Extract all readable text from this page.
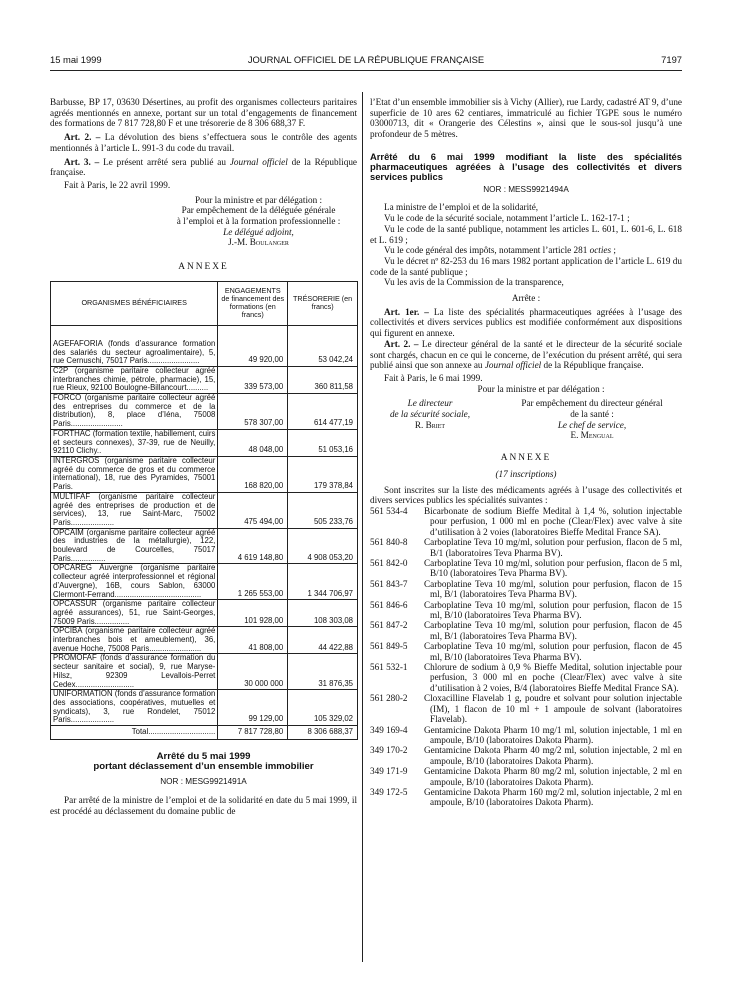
15 mai 1999	JOURNAL OFFICIEL DE LA RÉPUBLIQUE FRANÇAISE	7197

Barbusse, BP 17, 03630 Désertines, au profit des organismes collecteurs paritaires agréés mentionnés en annexe, portant sur un total d’engagements de financement des formations de 7 817 728,80 F et une trésorerie de 8 306 688,37 F.

Art. 2. – La dévolution des biens s’effectuera sous le contrôle des agents mentionnés à l’article L. 991-3 du code du travail.

Art. 3. – Le présent arrêté sera publié au Journal officiel de la République française.

Fait à Paris, le 22 avril 1999.

Pour la ministre et par délégation :
Par empêchement de la déléguée générale
à l’emploi et à la formation professionnelle :
Le délégué adjoint,
J.-M. Boulanger

ANNEXE

ORGANISMES BÉNÉFICIAIRES	ENGAGEMENTS de financement des formations (en francs)	TRÉSORERIE (en francs)
AGEFAFORIA (fonds d’assurance formation des salariés du secteur agroalimentaire), 5, rue Cernuschi, 75017 Paris........................	49 920,00	53 042,24
C2P (organisme paritaire collecteur agréé interbranches chimie, pétrole, pharmacie), 15, rue Rieux, 92100 Boulogne-Billancourt..........	339 573,00	360 811,58
FORCO (organisme paritaire collecteur agréé des entreprises du commerce et de la distribution), 8, place d’Iéna, 75008 Paris........................	578 307,00	614 477,19
FORTHAC (formation textile, habillement, cuirs et secteurs connexes), 37-39, rue de Neuilly, 92110 Clichy..	48 048,00	51 053,16
INTERGROS (organisme paritaire collecteur agréé du commerce de gros et du commerce international), 18, rue des Pyramides, 75001 Paris.	168 820,00	179 378,84
MULTIFAF (organisme paritaire collecteur agréé des entreprises de production et de services), 13, rue Saint-Marc, 75002 Paris....................	475 494,00	505 233,76
OPCAIM (organisme paritaire collecteur agréé des industries de la métallurgie), 122, boulevard de Courcelles, 75017 Paris................	4 619 148,80	4 908 053,20
OPCAREG Auvergne (organisme paritaire collecteur agréé interprofessionnel et régional d’Auvergne), 16B, cours Sablon, 63000 Clermont-Ferrand........................................	1 265 553,00	1 344 706,97
OPCASSUR (organisme paritaire collecteur agréé assurances), 51, rue Saint-Georges, 75009 Paris................	101 928,00	108 303,08
OPCIBA (organisme paritaire collecteur agréé interbranches bois et ameublement), 36, avenue Hoche, 75008 Paris........................	41 808,00	44 422,88
PROMOFAF (fonds d’assurance formation du secteur sanitaire et social), 9, rue Maryse-Hilsz, 92309 Levallois-Perret Cedex...........................	30 000 000	31 876,35
UNIFORMATION (fonds d’assurance formation des associations, coopératives, mutuelles et syndicats), 3, rue Rondelet, 75012 Paris....................	99 129,00	105 329,02
Total...............................	7 817 728,80	8 306 688,37
Arrêté du 5 mai 1999
portant déclassement d’un ensemble immobilier
NOR : MESG9921491A

Par arrêté de la ministre de l’emploi et de la solidarité en date du 5 mai 1999, il est procédé au déclassement du domaine public de

l’Etat d’un ensemble immobilier sis à Vichy (Allier), rue Lardy, cadastré AT 9, d’une superficie de 10 ares 62 centiares, immatriculé au fichier TGPE sous le numéro 03000713, dit « Orangerie des Célestins », ainsi que le sous-sol jusqu’à une profondeur de 5 mètres.

Arrêté du 6 mai 1999 modifiant la liste des spécialités pharmaceutiques agréées à l’usage des collectivités et divers services publics
NOR : MESS9921494A

La ministre de l’emploi et de la solidarité,

Vu le code de la sécurité sociale, notamment l’article L. 162-17-1 ;

Vu le code de la santé publique, notamment les articles L. 601, L. 601-6, L. 618 et L. 619 ;

Vu le code général des impôts, notamment l’article 281 octies ;

Vu le décret nº 82-253 du 16 mars 1982 portant application de l’article L. 619 du code de la santé publique ;

Vu les avis de la Commission de la transparence,

Arrête :

Art. 1er. – La liste des spécialités pharmaceutiques agréées à l’usage des collectivités et divers services publics est modifiée conformément aux dispositions qui figurent en annexe.

Art. 2. – Le directeur général de la santé et le directeur de la sécurité sociale sont chargés, chacun en ce qui le concerne, de l’exécution du présent arrêté, qui sera publié ainsi que son annexe au Journal officiel de la République française.

Fait à Paris, le 6 mai 1999.

Pour la ministre et par délégation :

Le directeur
de la sécurité sociale,
R. Briet
Par empêchement du directeur général
de la santé :
Le chef de service,
E. Mengual

ANNEXE

(17 inscriptions)

Sont inscrites sur la liste des médicaments agréés à l’usage des collectivités et divers services publics les spécialités suivantes :

561 534-4	Bicarbonate de sodium Bieffe Medital à 1,4 %, solution injectable pour perfusion, 1 000 ml en poche (Clear/Flex) avec valve à site d’utilisation à 2 voies (laboratoires Bieffe Medital France SA).
561 840-8	Carboplatine Teva 10 mg/ml, solution pour perfusion, flacon de 5 ml, B/1 (laboratoires Teva Pharma BV).
561 842-0	Carboplatine Teva 10 mg/ml, solution pour perfusion, flacon de 5 ml, B/10 (laboratoires Teva Pharma BV).
561 843-7	Carboplatine Teva 10 mg/ml, solution pour perfusion, flacon de 15 ml, B/1 (laboratoires Teva Pharma BV).
561 846-6	Carboplatine Teva 10 mg/ml, solution pour perfusion, flacon de 15 ml, B/10 (laboratoires Teva Pharma BV).
561 847-2	Carboplatine Teva 10 mg/ml, solution pour perfusion, flacon de 45 ml, B/1 (laboratoires Teva Pharma BV).
561 849-5	Carboplatine Teva 10 mg/ml, solution pour perfusion, flacon de 45 ml, B/10 (laboratoires Teva Pharma BV).
561 532-1	Chlorure de sodium à 0,9 % Bieffe Medital, solution injectable pour perfusion, 3 000 ml en poche (Clear/Flex) avec valve à site d’utilisation à 2 voies, B/4 (laboratoires Bieffe Medital France SA).
561 280-2	Cloxacilline Flavelab 1 g, poudre et solvant pour solution injectable (IM), 1 flacon de 10 ml + 1 ampoule de solvant (laboratoires Flavelab).
349 169-4	Gentamicine Dakota Pharm 10 mg/1 ml, solution injectable, 1 ml en ampoule, B/10 (laboratoires Dakota Pharm).
349 170-2	Gentamicine Dakota Pharm 40 mg/2 ml, solution injectable, 2 ml en ampoule, B/10 (laboratoires Dakota Pharm).
349 171-9	Gentamicine Dakota Pharm 80 mg/2 ml, solution injectable, 2 ml en ampoule, B/10 (laboratoires Dakota Pharm).
349 172-5	Gentamicine Dakota Pharm 160 mg/2 ml, solution injectable, 2 ml en ampoule, B/10 (laboratoires Dakota Pharm).
